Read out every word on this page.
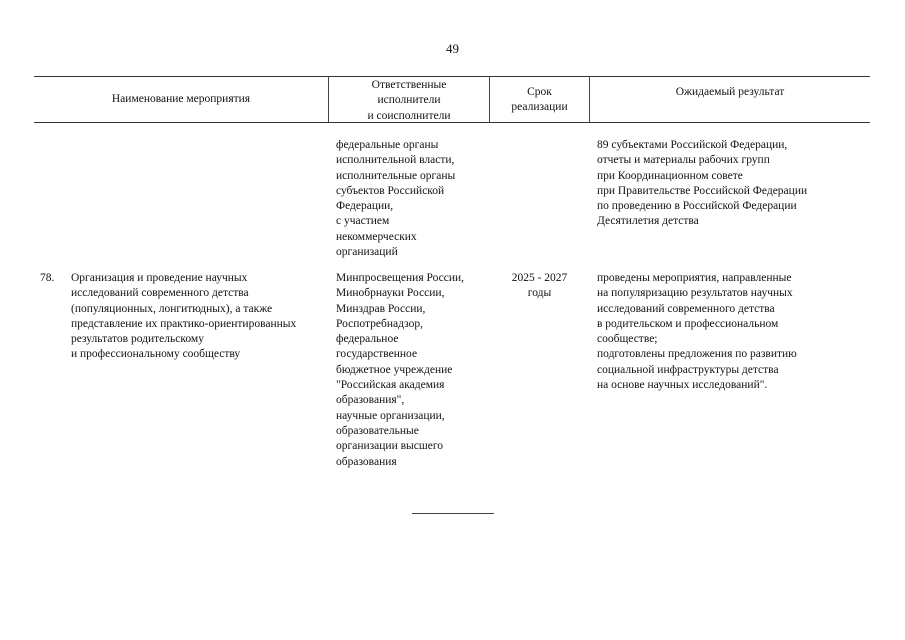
49
Наименование мероприятия
Ответственные
исполнители
и соисполнители
Срок
реализации
Ожидаемый результат
федеральные органы
исполнительной власти,
исполнительные органы
субъектов Российской
Федерации,
с участием
некоммерческих
организаций
89 субъектами Российской Федерации,
отчеты и материалы рабочих групп
при Координационном совете
при Правительстве Российской Федерации
по проведению в Российской Федерации
Десятилетия детства
78. Организация и проведение научных
исследований современного детства
(популяционных, лонгитюдных), а также
представление их практико-ориентированных
результатов родительскому
и профессиональному сообществу
Минпросвещения России,
Минобрнауки России,
Минздрав России,
Роспотребнадзор,
федеральное
государственное
бюджетное учреждение
"Российская академия
образования",
научные организации,
образовательные
организации высшего
образования
2025 - 2027
годы
проведены мероприятия, направленные
на популяризацию результатов научных
исследований современного детства
в родительском и профессиональном
сообществе;
подготовлены предложения по развитию
социальной инфраструктуры детства
на основе научных исследований".
